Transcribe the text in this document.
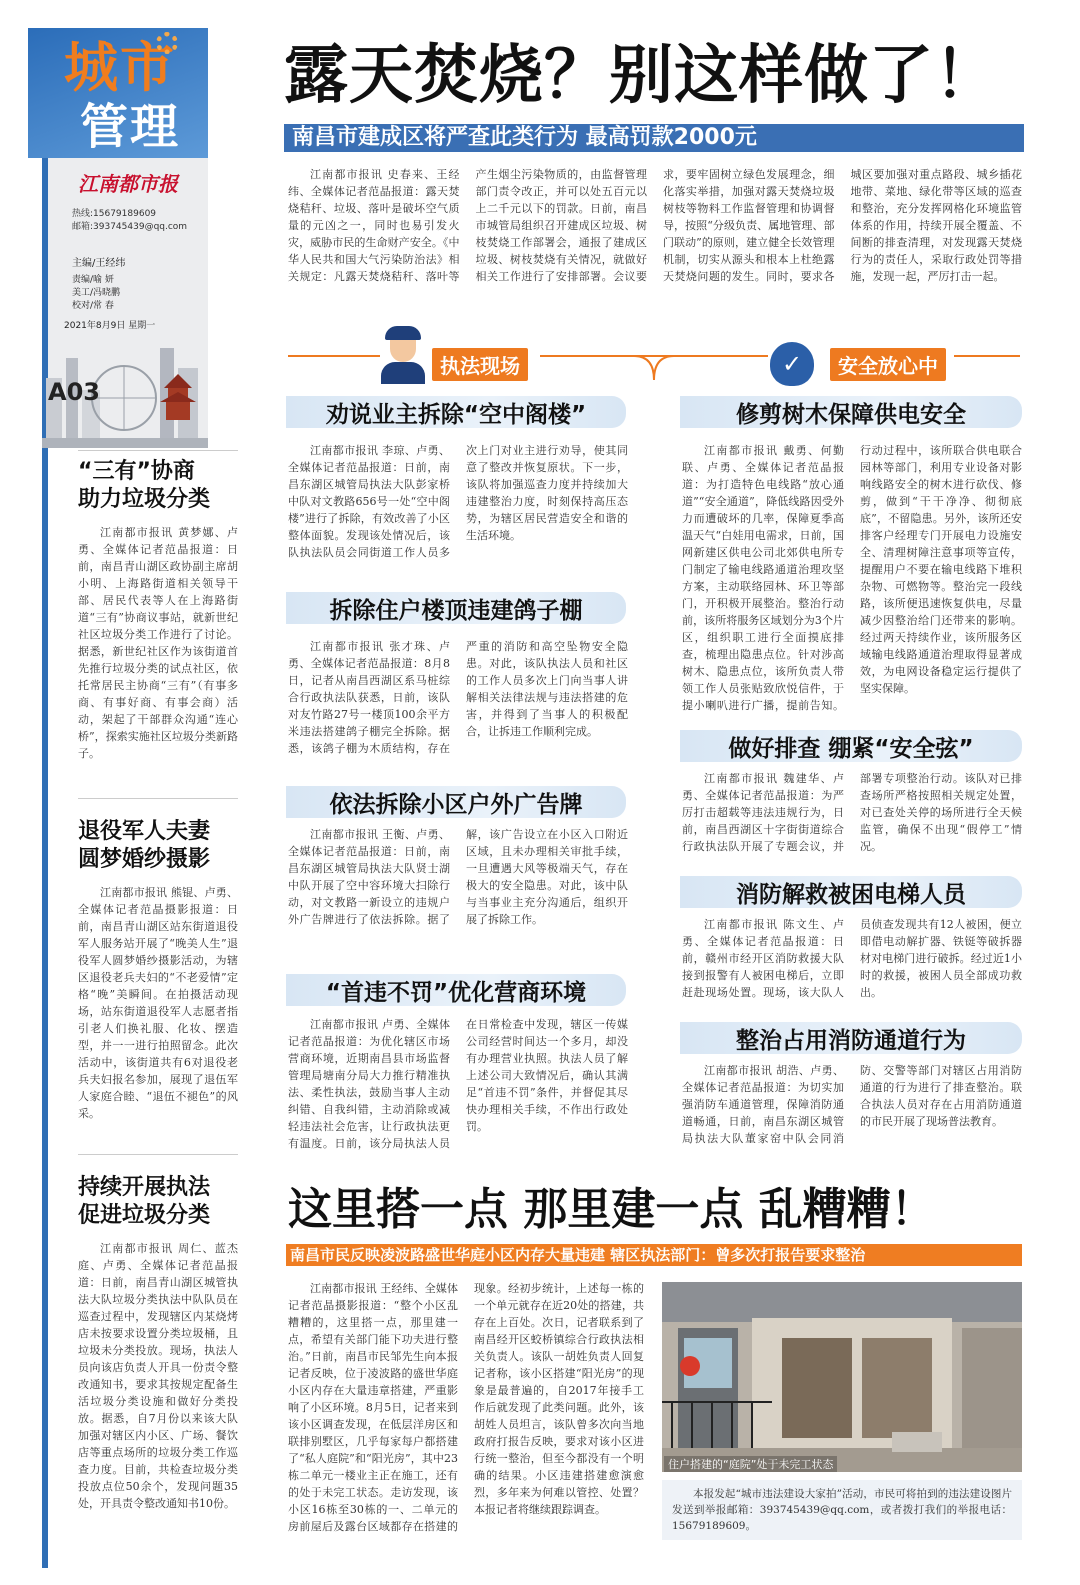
城市
管理
江南都市报
热线:15679189609
邮箱:393745439@qq.com
主编/王经纬
责编/喻 妍
美工/冯晓鹏
校对/常 春
2021年8月9日 星期一
A03
露天焚烧？别这样做了！
南昌市建成区将严查此类行为 最高罚款2000元

江南都市报讯 史春来、王经纬、全媒体记者范晶报道：露天焚烧秸秆、垃圾、落叶是破坏空气质量的元凶之一，同时也易引发火灾，威胁市民的生命财产安全。《中华人民共和国大气污染防治法》相关规定：凡露天焚烧秸秆、落叶等产生烟尘污染物质的，由监督管理部门责令改正，并可以处五百元以上二千元以下的罚款。日前，南昌市城管局组织召开建成区垃圾、树枝焚烧工作部署会，通报了建成区垃圾、树枝焚烧有关情况，就做好相关工作进行了安排部署。会议要求，要牢固树立绿色发展理念，细化落实举措，加强对露天焚烧垃圾树枝等物料工作监督管理和协调督导，按照“分级负责、属地管理、部门联动”的原则，建立健全长效管理机制，切实从源头和根本上杜绝露天焚烧问题的发生。同时，要求各城区要加强对重点路段、城乡插花地带、菜地、绿化带等区域的巡查和整治，充分发挥网格化环境监管体系的作用，持续开展全覆盖、不间断的排查清理，对发现露天焚烧行为的责任人，采取行政处罚等措施，发现一起，严厉打击一起。

执法现场	✓	安全放心中
“三有”协商
助力垃圾分类

江南都市报讯 黄梦娜、卢勇、全媒体记者范晶报道：日前，南昌青山湖区政协副主席胡小明、上海路街道相关领导干部、居民代表等人在上海路街道“三有”协商议事站，就新世纪社区垃圾分类工作进行了讨论。据悉，新世纪社区作为该街道首先推行垃圾分类的试点社区，依托常居民主协商“三有”（有事多商、有事好商、有事会商）活动，架起了干部群众沟通“连心桥”，探索实施社区垃圾分类新路子。

退役军人夫妻
圆梦婚纱摄影

江南都市报讯 熊锟、卢勇、全媒体记者范晶摄影报道：日前，南昌青山湖区站东街道退役军人服务站开展了“晚美人生”退役军人圆梦婚纱摄影活动，为辖区退役老兵夫妇的“不老爱情”定格“晚”美瞬间。在拍摄活动现场，站东街道退役军人志愿者指引老人们换礼服、化妆、摆造型，并一一进行拍照留念。此次活动中，该街道共有6对退役老兵夫妇报名参加，展现了退伍军人家庭合睦、“退伍不褪色”的风采。

持续开展执法
促进垃圾分类

江南都市报讯 周仁、蓝杰庭、卢勇、全媒体记者范晶报道：日前，南昌青山湖区城管执法大队垃圾分类执法中队队员在巡查过程中，发现辖区内某烧烤店未按要求设置分类垃圾桶，且垃圾未分类投放。现场，执法人员向该店负责人开具一份责令整改通知书，要求其按规定配备生活垃圾分类设施和做好分类投放。据悉，自7月份以来该大队加强对辖区内小区、广场、餐饮店等重点场所的垃圾分类工作巡查力度。目前，共检查垃圾分类投放点位50余个，发现问题35处，开具责令整改通知书10份。

劝说业主拆除“空中阁楼”

江南都市报讯 李琼、卢勇、全媒体记者范晶报道：日前，南昌东湖区城管局执法大队彭家桥中队对文教路656号一处“空中阁楼”进行了拆除，有效改善了小区整体面貌。发现该处情况后，该队执法队员会同街道工作人员多次上门对业主进行劝导，使其同意了整改并恢复原状。下一步，该队将加强巡查力度并持续加大违建整治力度，时刻保持高压态势，为辖区居民营造安全和谐的生活环境。

拆除住户楼顶违建鸽子棚

江南都市报讯 张才珠、卢勇、全媒体记者范晶报道：8月8日，记者从南昌西湖区系马桩综合行政执法队获悉，日前，该队对友竹路27号一楼顶100余平方米违法搭建鸽子棚完全拆除。据悉，该鸽子棚为木质结构，存在严重的消防和高空坠物安全隐患。对此，该队执法人员和社区的工作人员多次上门向当事人讲解相关法律法规与违法搭建的危害，并得到了当事人的积极配合，让拆违工作顺利完成。

依法拆除小区户外广告牌

江南都市报讯 王衡、卢勇、全媒体记者范晶报道：日前，南昌东湖区城管局执法大队贤士湖中队开展了空中容环境大扫除行动，对文教路一新设立的违规户外广告牌进行了依法拆除。据了解，该广告设立在小区入口附近区域，且未办理相关审批手续，一旦遭遇大风等极端天气，存在极大的安全隐患。对此，该中队与当事业主充分沟通后，组织开展了拆除工作。

“首违不罚”优化营商环境

江南都市报讯 卢勇、全媒体记者范晶报道：为优化辖区市场营商环境，近期南昌县市场监督管理局塘南分局大力推行精准执法、柔性执法，鼓励当事人主动纠错、自我纠错，主动消除或减轻违法社会危害，让行政执法更有温度。日前，该分局执法人员在日常检查中发现，辖区一传媒公司经营时间达一个多月，却没有办理营业执照。执法人员了解上述公司大致情况后，确认其满足“首违不罚”条件，并督促其尽快办理相关手续，不作出行政处罚。

修剪树木保障供电安全

江南都市报讯 戴勇、何勤联、卢勇、全媒体记者范晶报道：为打造特色电线路“放心通道”“安全通道”，降低线路因受外力而遭破坏的几率，保障夏季高温天气“白娃用电需求，日前，国网新建区供电公司北郊供电所专门制定了输电线路通道治理攻坚方案，主动联络园林、环卫等部门，开积极开展整治。整治行动前，该所将服务区域划分为3个片区，组织职工进行全面摸底排查，梳理出隐患点位。针对涉高树木、隐患点位，该所负责人带领工作人员张贴致欣悦信件，于提小喇叭进行广播，提前告知。行动过程中，该所联合供电联合园林等部门，利用专业设备对影响线路安全的树木进行砍伐、修剪，做到“干干净净、彻彻底底”，不留隐患。另外，该所还安排客户经理专门开展电力设施安全、清理树障注意事项等宣传，提醒用户不要在输电线路下堆积杂物、可燃物等。整治完一段线路，该所便迅速恢复供电，尽量减少因整治给门还带来的影响。经过两天持续作业，该所服务区域输电线路通道治理取得显著成效，为电网设备稳定运行提供了坚实保障。

做好排查 绷紧“安全弦”

江南都市报讯 魏建华、卢勇、全媒体记者范晶报道：为严厉打击超载等违法违规行为，日前，南昌西湖区十字街街道综合行政执法队开展了专题会议，并部署专项整治行动。该队对已排查场所严格按照相关规定处置，对已查处关停的场所进行全天候监管，确保不出现“假停工”情况。

消防解救被困电梯人员

江南都市报讯 陈文生、卢勇、全媒体记者范晶报道：日前，赣州市经开区消防救援大队接到报警有人被困电梯后，立即赶赴现场处置。现场，该大队人员侦查发现共有12人被困，便立即借电动解扩器、铁铤等破拆器材对电梯门进行破拆。经过近1小时的救援，被困人员全部成功救出。

整治占用消防通道行为

江南都市报讯 胡浩、卢勇、全媒体记者范晶报道：为切实加强消防车通道管理，保障消防通道畅通，日前，南昌东湖区城管局执法大队董家窑中队会同消防、交警等部门对辖区占用消防通道的行为进行了排查整治。联合执法人员对存在占用消防通道的市民开展了现场普法教育。

这里搭一点 那里建一点 乱糟糟！
南昌市民反映凌波路盛世华庭小区内存大量违建 辖区执法部门：曾多次打报告要求整治

江南都市报讯 王经纬、全媒体记者范晶摄影报道：“整个小区乱糟糟的，这里搭一点，那里建一点，希望有关部门能下功夫进行整治。”日前，南昌市民邹先生向本报记者反映，位于凌波路的盛世华庭小区内存在大量违章搭建，严重影响了小区环境。8月5日，记者来到该小区调查发现，在低层洋房区和联排别墅区，几乎每家每户都搭建了“私人庭院”和“阳光房”，其中23栋二单元一楼业主正在施工，还有的处于未完工状态。走访发现，该小区16栋至30栋的一、二单元的房前屋后及露台区域都存在搭建的现象。经初步统计，上述每一栋的一个单元就存在近20处的搭建，共存在上百处。次日，记者联系到了南昌经开区蛟桥镇综合行政执法相关负责人。该队一胡姓负责人回复记者称，该小区搭建“阳光房”的现象是最普遍的，自2017年接手工作后就发现了此类问题。此外，该胡姓人员坦言，该队曾多次向当地政府打报告反映，要求对该小区进行统一整治，但至今都没有一个明确的结果。小区违建搭建愈演愈烈，多年来为何难以管控、处置？本报记者将继续跟踪调查。

住户搭建的“庭院”处于未完工状态
本报发起“城市违法建设大家拍”活动，市民可将拍到的违法建设图片发送到举报邮箱：393745439@qq.com，或者拨打我们的举报电话：15679189609。
